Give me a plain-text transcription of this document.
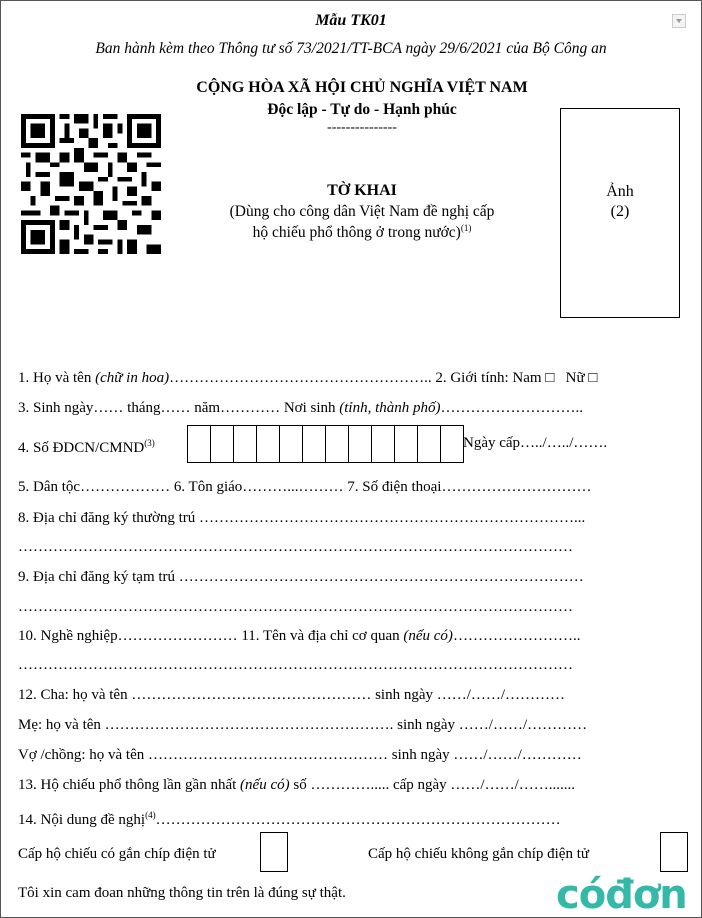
Mẫu TK01
Ban hành kèm theo Thông tư số 73/2021/TT-BCA ngày 29/6/2021 của Bộ Công an
CỘNG HÒA XÃ HỘI CHỦ NGHĨA VIỆT NAM
Độc lập - Tự do - Hạnh phúc
---------------
TỜ KHAI
(Dùng cho công dân Việt Nam đề nghị cấp
hộ chiếu phổ thông ở trong nước)$^{(1)}$
Ảnh
(2)
1. Họ và tên (chữ in hoa)…………………………………………….. 2. Giới tính: Nam □ Nữ □
3. Sinh ngày…… tháng…… năm………… Nơi sinh (tỉnh, thành phố)………………………..
4. Số ĐDCN/CMND$^{(3)}$	Ngày cấp…../…../…….
5. Dân tộc……………… 6. Tôn giáo………...……… 7. Số điện thoại…………………………
8. Địa chỉ đăng ký thường trú …………………………………………………………………...
…………………………………………………………………………………………………
9. Địa chỉ đăng ký tạm trú ………………………………………………………………………
…………………………………………………………………………………………………
10. Nghề nghiệp…………………… 11. Tên và địa chỉ cơ quan (nếu có)……………………..
…………………………………………………………………………………………………
12. Cha: họ và tên ………………………………………… sinh ngày ……/……/…………
Mẹ: họ và tên …………………………………………………. sinh ngày ……/……/…………
Vợ /chồng: họ và tên ………………………………………… sinh ngày ……/……/…………
13. Hộ chiếu phổ thông lần gần nhất (nếu có) số …………..... cấp ngày ……/……/…….......
14. Nội dung đề nghị$^{(4)}$………………………………………………………………………
Cấp hộ chiếu có gắn chíp điện tử	Cấp hộ chiếu không gắn chíp điện tử
Tôi xin cam đoan những thông tin trên là đúng sự thật.	cóđơn
